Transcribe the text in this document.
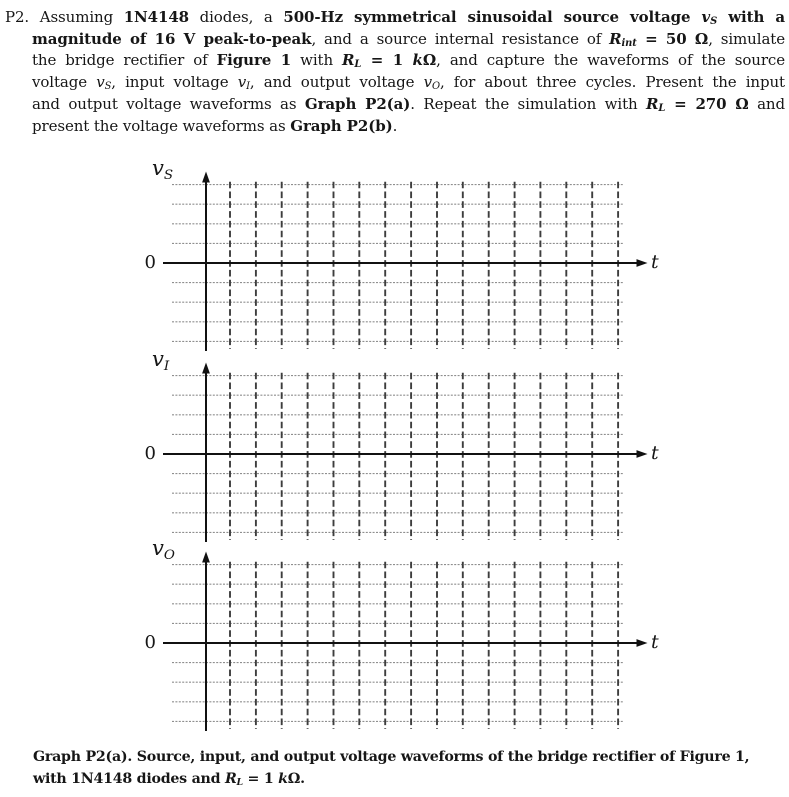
P2. Assuming 1N4148 diodes, a 500-Hz symmetrical sinusoidal source voltage $v_S$ with a
magnitude of 16 V peak-to-peak, and a source internal resistance of $R_{int} = 50$ Ω, simulate
the bridge rectifier of Figure 1 with $R_L = 1$ kΩ, and capture the waveforms of the source
voltage $v_S$, input voltage $v_I$, and output voltage $v_O$, for about three cycles. Present the input
and output voltage waveforms as Graph P2(a). Repeat the simulation with $R_L = 270$ Ω and
present the voltage waveforms as Graph P2(b).
$v_S$
0	t
$v_I$
0	t
$v_O$
0	t
Graph P2(a). Source, input, and output voltage waveforms of the bridge rectifier of Figure 1,
with 1N4148 diodes and $R_L = 1$ kΩ.
